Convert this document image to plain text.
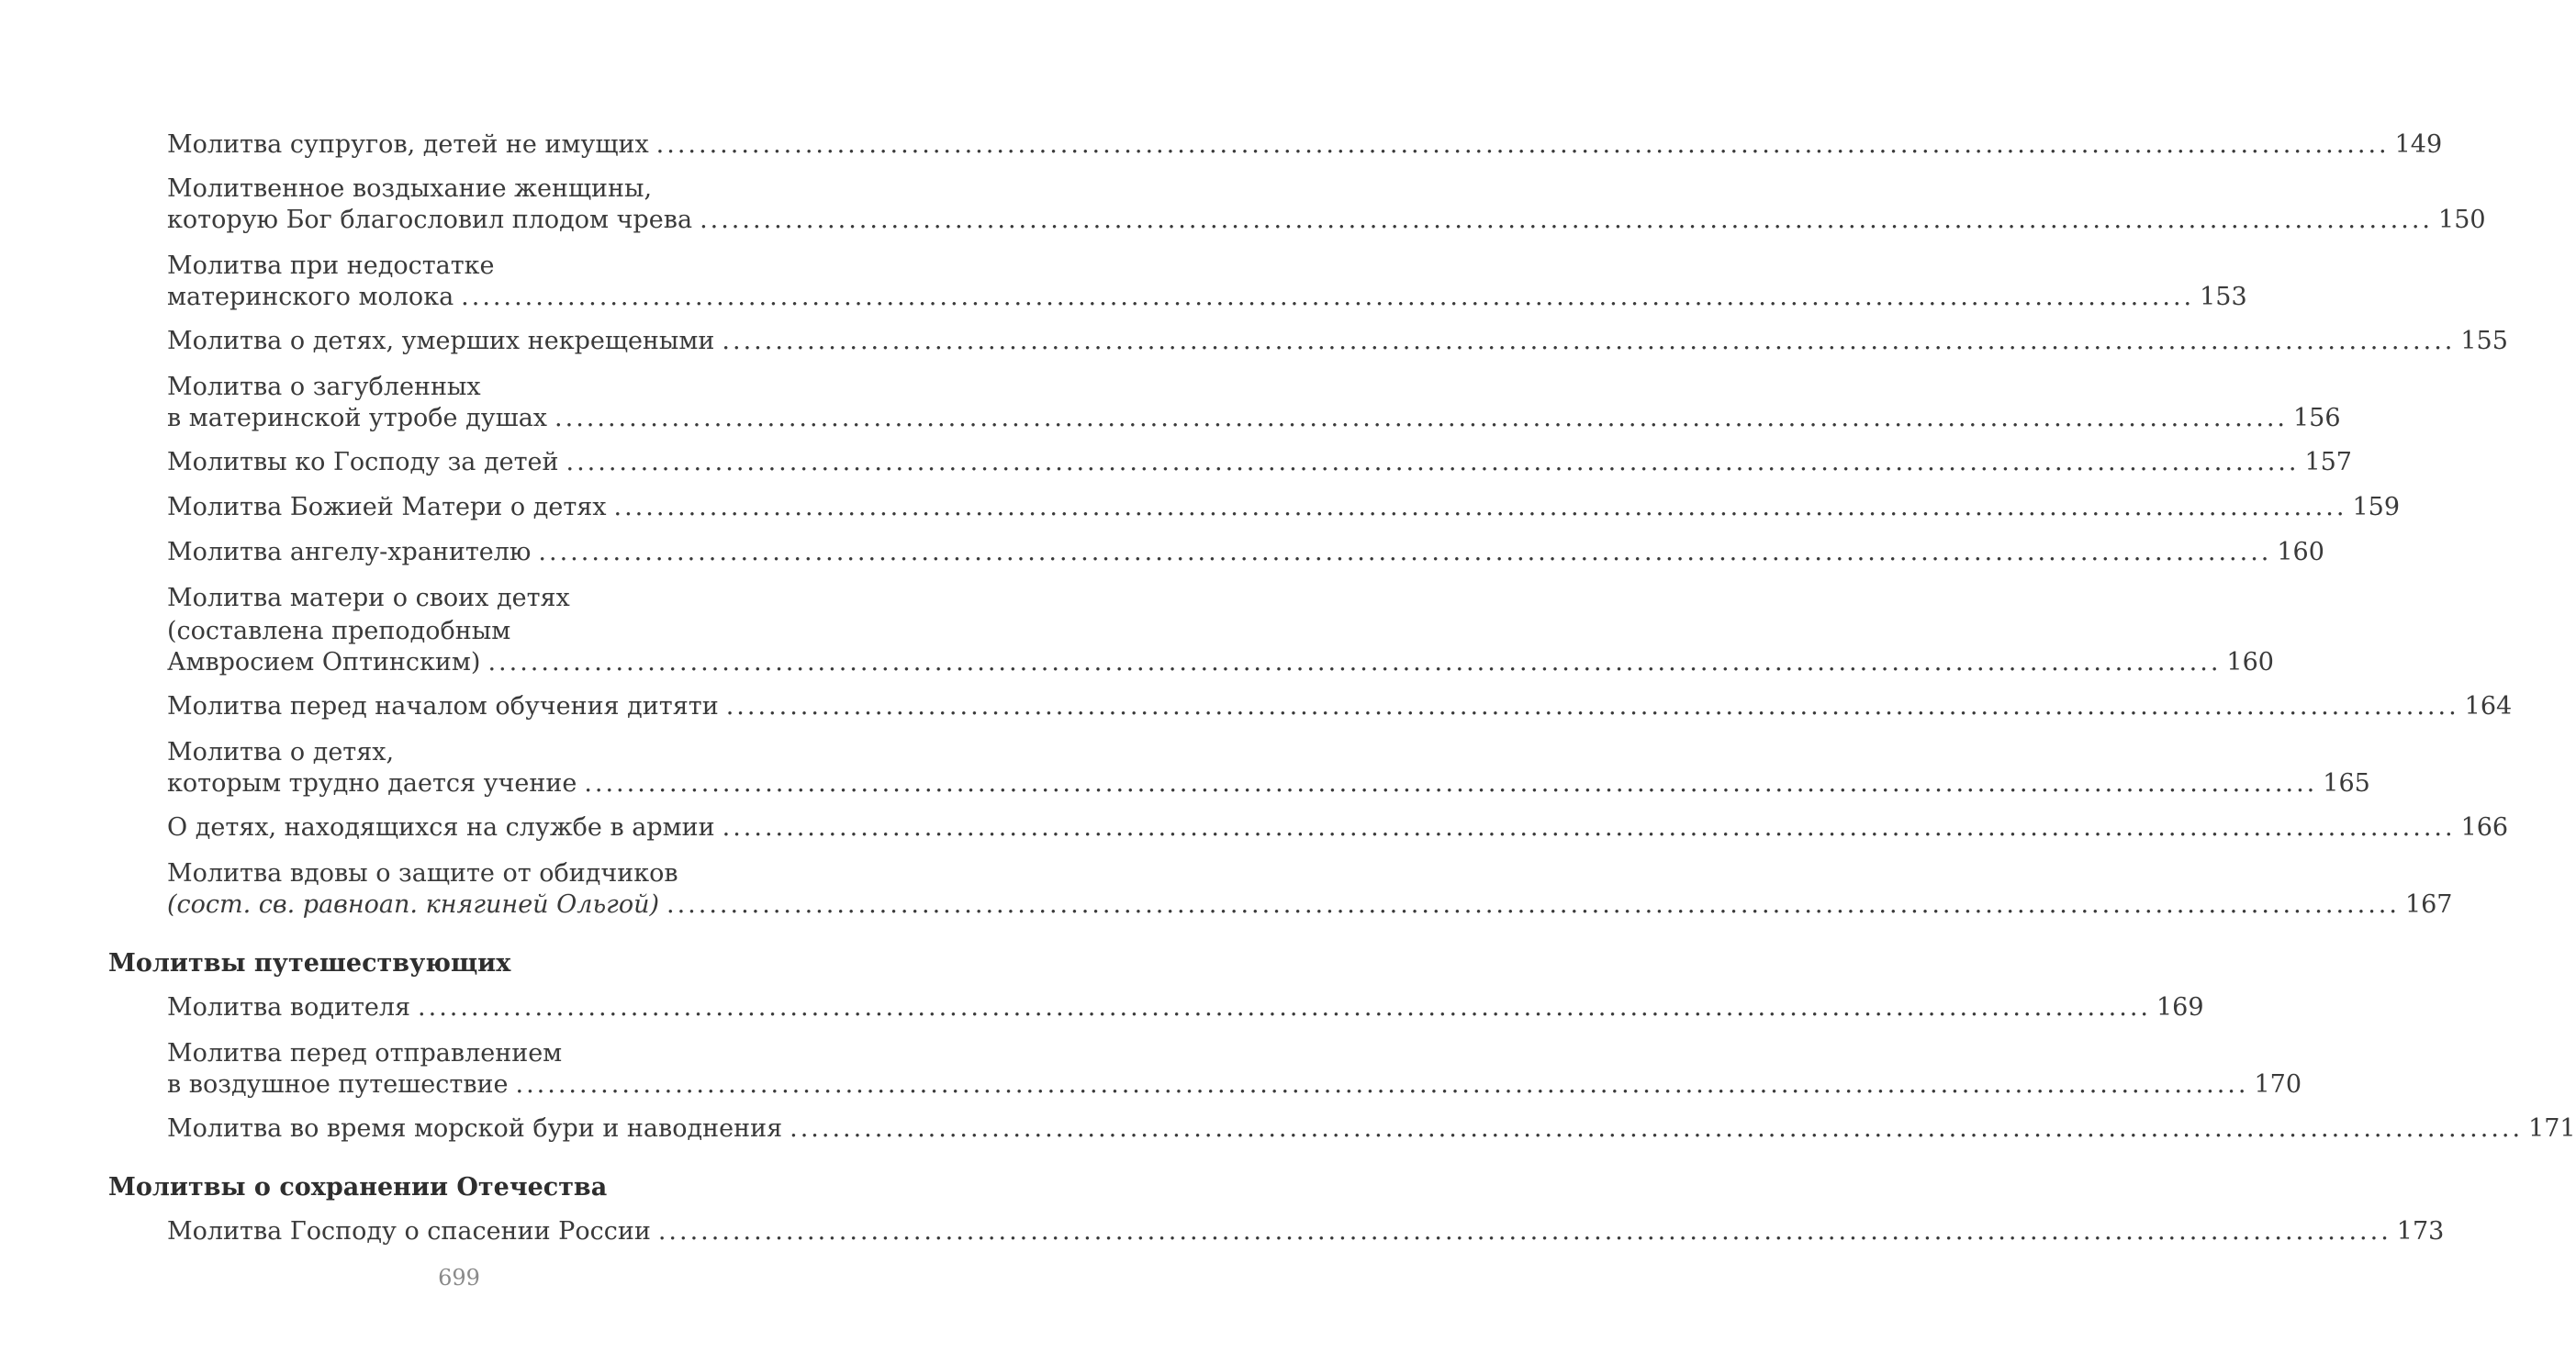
Молитва супругов, детей не имущих ................................................................................................................................................................... 149
Молитвенное воздыхание женщины,
которую Бог благословил плодом чрева ................................................................................................................................................................... 150
Молитва при недостатке
материнского молока ................................................................................................................................................................... 153
Молитва о детях, умерших некрещеными ................................................................................................................................................................... 155
Молитва о загубленных
в материнской утробе душах ................................................................................................................................................................... 156
Молитвы ко Господу за детей ................................................................................................................................................................... 157
Молитва Божией Матери о детях ................................................................................................................................................................... 159
Молитва ангелу-хранителю ................................................................................................................................................................... 160
Молитва матери о своих детях
(составлена преподобным
Амвросием Оптинским) ................................................................................................................................................................... 160
Молитва перед началом обучения дитяти ................................................................................................................................................................... 164
Молитва о детях,
которым трудно дается учение ................................................................................................................................................................... 165
О детях, находящихся на службе в армии ................................................................................................................................................................... 166
Молитва вдовы о защите от обидчиков
(сост. св. равноап. княгиней Ольгой) ................................................................................................................................................................... 167
Молитвы путешествующих
Молитва водителя ................................................................................................................................................................... 169
Молитва перед отправлением
в воздушное путешествие ................................................................................................................................................................... 170
Молитва во время морской бури и наводнения ................................................................................................................................................................... 171
Молитвы о сохранении Отечества
Молитва Господу о спасении России ................................................................................................................................................................... 173
699
